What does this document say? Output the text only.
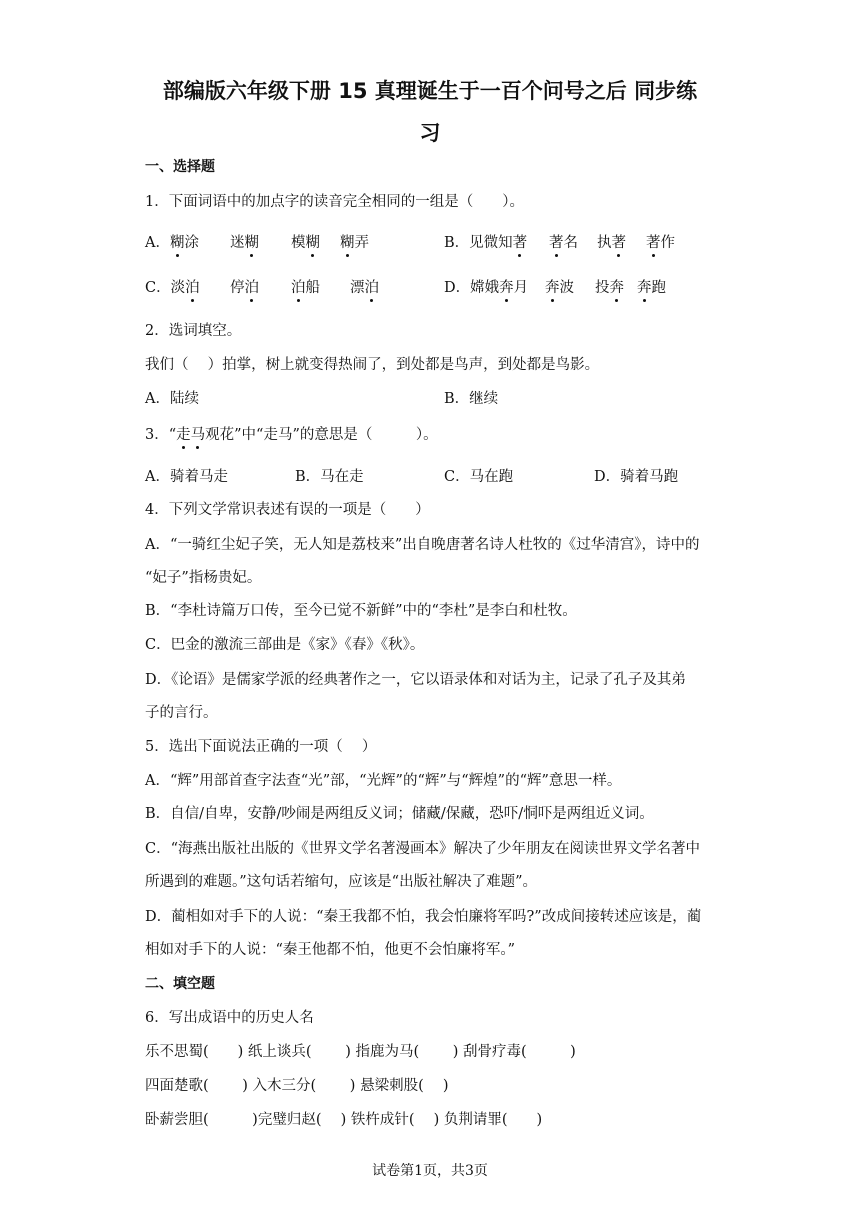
部编版六年级下册 15 真理诞生于一百个问号之后 同步练
习
一、选择题
1．下面词语中的加点字的读音完全相同的一组是（　　）。
A．糊涂 迷糊 模糊 糊弄	B．见微知著 著名 执著 著作
C．淡泊 停泊 泊船 漂泊	D．嫦娥奔月 奔波 投奔 奔跑
2．选词填空。
我们（　 ）拍掌，树上就变得热闹了，到处都是鸟声，到处都是鸟影。
A．陆续	B．继续
3．“走马观花”中“走马”的意思是（　　　）。
A．骑着马走	B．马在走	C．马在跑	D．骑着马跑
4．下列文学常识表述有误的一项是（　　）
A．“一骑红尘妃子笑，无人知是荔枝来”出自晚唐著名诗人杜牧的《过华清宫》，诗中的
“妃子”指杨贵妃。
B．“李杜诗篇万口传，至今已觉不新鲜”中的“李杜”是李白和杜牧。
C．巴金的激流三部曲是《家》《春》《秋》。
D．《论语》是儒家学派的经典著作之一，它以语录体和对话为主，记录了孔子及其弟
子的言行。
5．选出下面说法正确的一项（　 ）
A．“辉”用部首查字法查“光”部，“光辉”的“辉”与“辉煌”的“辉”意思一样。
B．自信/自卑，安静/吵闹是两组反义词；储藏/保藏，恐吓/恫吓是两组近义词。
C．“海燕出版社出版的《世界文学名著漫画本》解决了少年朋友在阅读世界文学名著中
所遇到的难题。”这句话若缩句，应该是“出版社解决了难题”。
D．蔺相如对手下的人说：“秦王我都不怕，我会怕廉将军吗?”改成间接转述应该是，蔺
相如对手下的人说：“秦王他都不怕，他更不会怕廉将军。”
二、填空题
6．写出成语中的历史人名
乐不思蜀(　　) 纸上谈兵(　　 ) 指鹿为马(　　 ) 刮骨疗毒(　　　)
四面楚歌(　　 ) 入木三分(　　 ) 悬梁刺股(　 )
卧薪尝胆(　　　)完璧归赵(　 ) 铁杵成针(　 ) 负荆请罪(　　)
试卷第1页，共3页
